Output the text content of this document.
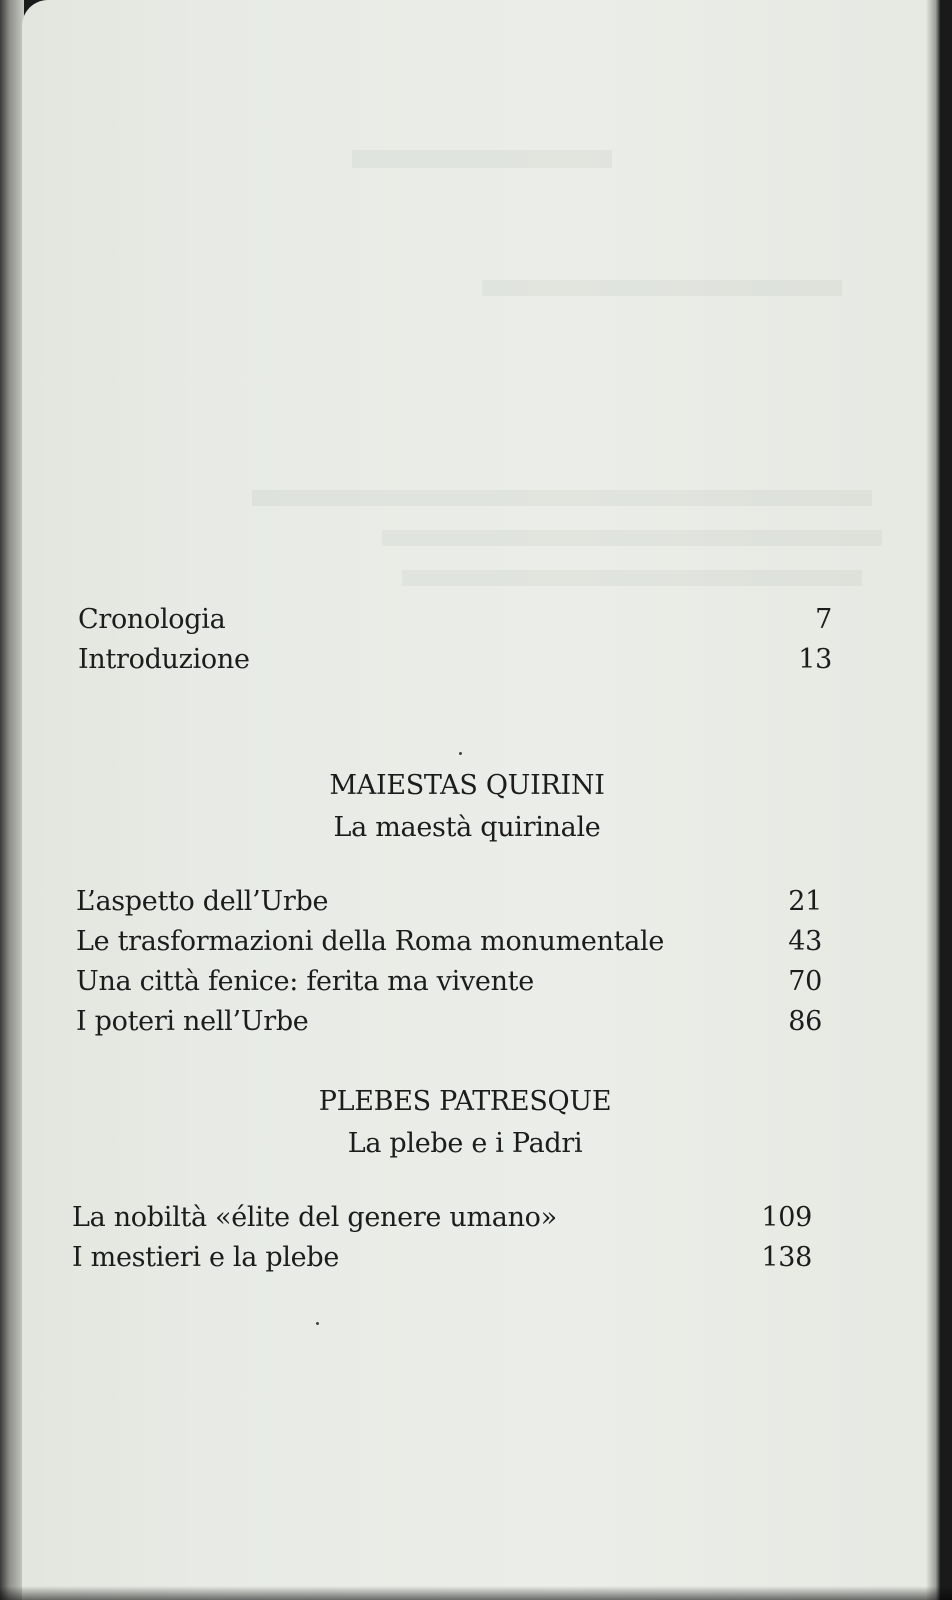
Cronologia	7
Introduzione	13
MAIESTAS QUIRINI
La maestà quirinale
L’aspetto dell’Urbe	21
Le trasformazioni della Roma monumentale	43
Una città fenice: ferita ma vivente	70
I poteri nell’Urbe	86
PLEBES PATRESQUE
La plebe e i Padri
La nobiltà «élite del genere umano»	109
I mestieri e la plebe	138
